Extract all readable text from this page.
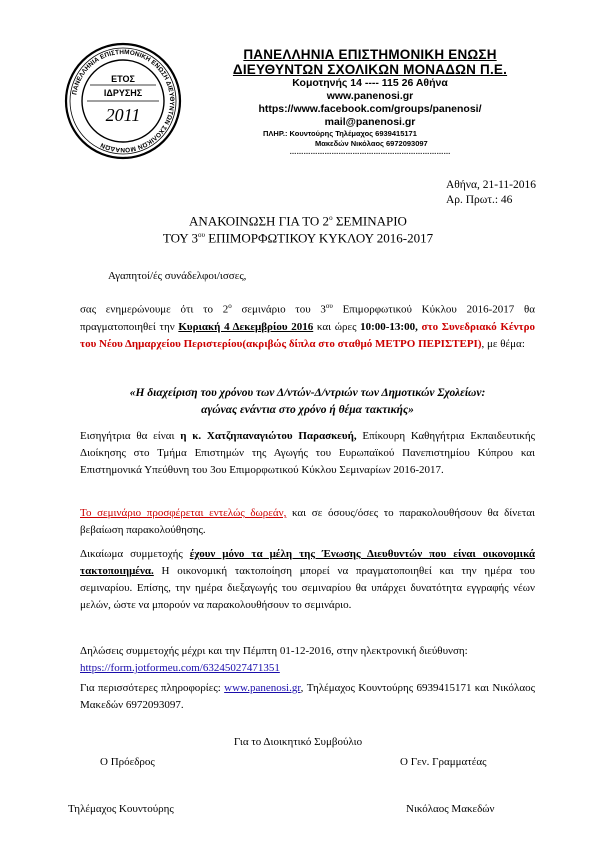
ΠΑΝΕΛΛΗΝΙΑ ΕΠΙΣΤΗΜΟΝΙΚΗ ΕΝΩΣΗ ΔΙΕΥΘΥΝΤΩΝ ΣΧΟΛΙΚΩΝ ΜΟΝΑΔΩΝ
ΕΤΟΣ
ΙΔΡΥΣΗΣ
2011
ΠΑΝΕΛΛΗΝΙΑ ΕΠΙΣΤΗΜΟΝΙΚΗ ΕΝΩΣΗ
ΔΙΕΥΘΥΝΤΩΝ ΣΧΟΛΙΚΩΝ ΜΟΝΑΔΩΝ Π.Ε.
Κομοτηνής 14 ---- 115 26 Αθήνα
www.panenosi.gr
https://www.facebook.com/groups/panenosi/
mail@panenosi.gr
ΠΛΗΡ.: Κουντούρης Τηλέμαχος 6939415171
Μακεδών Νικόλαος 6972093097
……………………………………………………………
Αθήνα, 21-11-2016
Αρ. Πρωτ.: 46
ΑΝΑΚΟΙΝΩΣΗ ΓΙΑ ΤΟ $2^o$ ΣΕΜΙΝΑΡΙΟ
ΤΟΥ $3^{o\upsilon}$ ΕΠΙΜΟΡΦΩΤΙΚΟΥ ΚΥΚΛΟΥ 2016-2017
Αγαπητοί/ές συνάδελφοι/ισσες,
σας ενημερώνουμε ότι το $2^o$ σεμινάριο του $3^{o\upsilon}$ Επιμορφωτικού Κύκλου 2016-2017 θα πραγματοποιηθεί την Κυριακή 4 Δεκεμβρίου 2016 και ώρες 10:00-13:00, στο Συνεδριακό Κέντρο του Νέου Δημαρχείου Περιστερίου(ακριβώς δίπλα στο σταθμό ΜΕΤΡΟ ΠΕΡΙΣΤΕΡΙ), με θέμα:
«Η διαχείριση του χρόνου των Δ/ντών-Δ/ντριών των Δημοτικών Σχολείων:
αγώνας ενάντια στο χρόνο ή θέμα τακτικής»
Εισηγήτρια θα είναι η κ. Χατζηπαναγιώτου Παρασκευή, Επίκουρη Καθηγήτρια Εκπαιδευτικής Διοίκησης στο Τμήμα Επιστημών της Αγωγής του Ευρωπαϊκού Πανεπιστημίου Κύπρου και Επιστημονικά Υπεύθυνη του 3ου Επιμορφωτικού Κύκλου Σεμιναρίων 2016-2017.
Το σεμινάριο προσφέρεται εντελώς δωρεάν, και σε όσους/όσες το παρακολουθήσουν θα δίνεται βεβαίωση παρακολούθησης.
Δικαίωμα συμμετοχής έχουν μόνο τα μέλη της Ένωσης Διευθυντών που είναι οικονομικά τακτοποιημένα. Η οικονομική τακτοποίηση μπορεί να πραγματοποιηθεί και την ημέρα του σεμιναρίου. Επίσης, την ημέρα διεξαγωγής του σεμιναρίου θα υπάρχει δυνατότητα εγγραφής νέων μελών, ώστε να μπορούν να παρακολουθήσουν το σεμινάριο.
Δηλώσεις συμμετοχής μέχρι και την Πέμπτη 01-12-2016, στην ηλεκτρονική διεύθυνση:
https://form.jotformeu.com/63245027471351
Για περισσότερες πληροφορίες: www.panenosi.gr, Τηλέμαχος Κουντούρης 6939415171 και Νικόλαος Μακεδών 6972093097.
Για το Διοικητικό Συμβούλιο
Ο Πρόεδρος	Ο Γεν. Γραμματέας
Τηλέμαχος Κουντούρης	Νικόλαος Μακεδών
